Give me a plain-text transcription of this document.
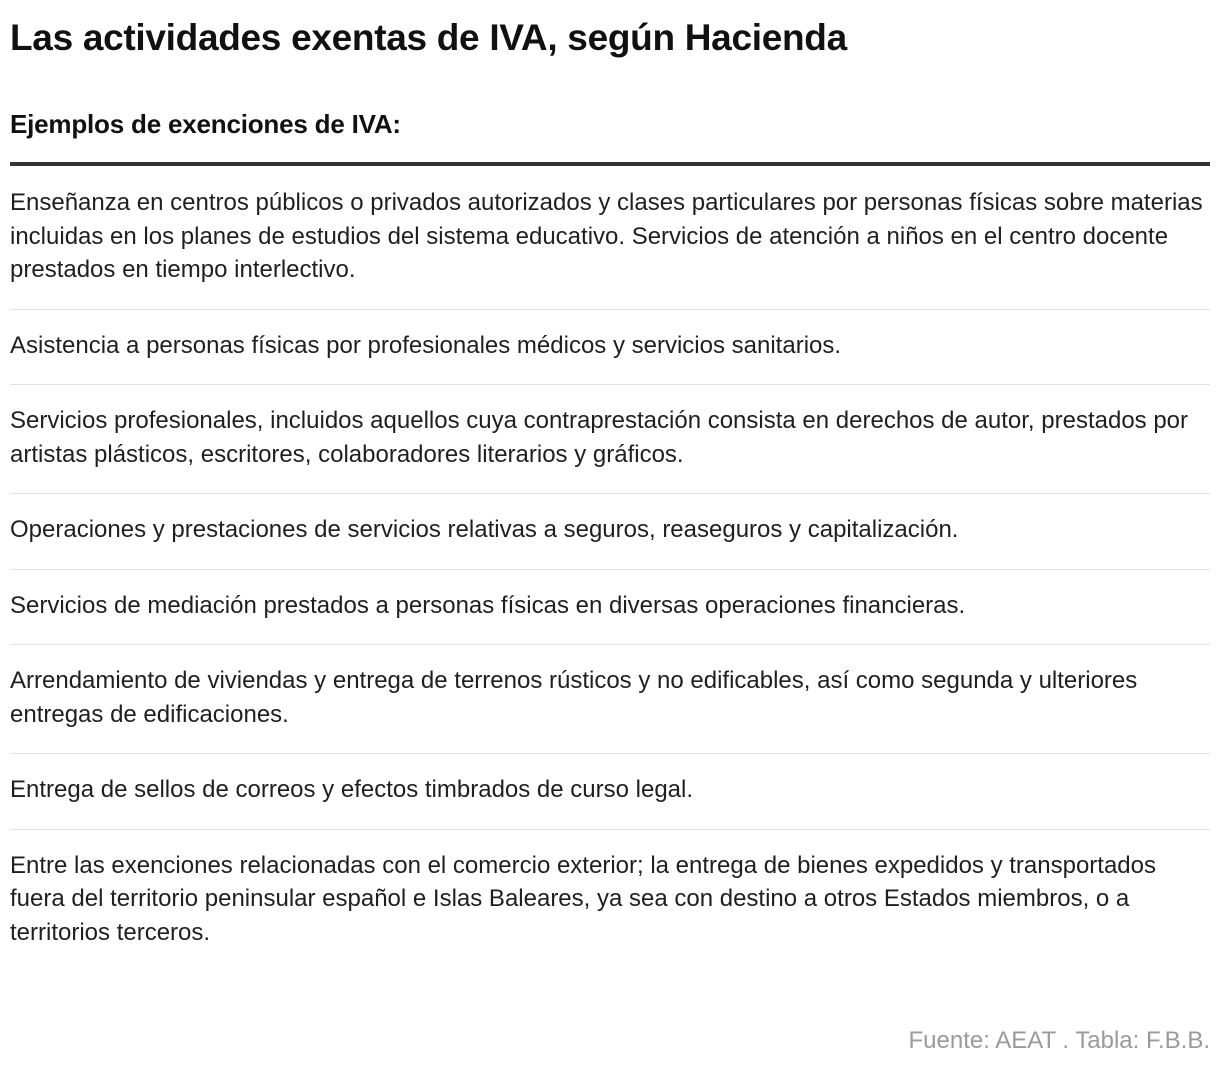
Las actividades exentas de IVA, según Hacienda
Ejemplos de exenciones de IVA:
Enseñanza en centros públicos o privados autorizados y clases particulares por personas físicas sobre materias incluidas en los planes de estudios del sistema educativo. Servicios de atención a niños en el centro docente prestados en tiempo interlectivo.
Asistencia a personas físicas por profesionales médicos y servicios sanitarios.
Servicios profesionales, incluidos aquellos cuya contraprestación consista en derechos de autor, prestados por artistas plásticos, escritores, colaboradores literarios y gráficos.
Operaciones y prestaciones de servicios relativas a seguros, reaseguros y capitalización.
Servicios de mediación prestados a personas físicas en diversas operaciones financieras.
Arrendamiento de viviendas y entrega de terrenos rústicos y no edificables, así como segunda y ulteriores entregas de edificaciones.
Entrega de sellos de correos y efectos timbrados de curso legal.
Entre las exenciones relacionadas con el comercio exterior; la entrega de bienes expedidos y transportados fuera del territorio peninsular español e Islas Baleares, ya sea con destino a otros Estados miembros, o a territorios terceros.
Fuente: AEAT . Tabla: F.B.B.
